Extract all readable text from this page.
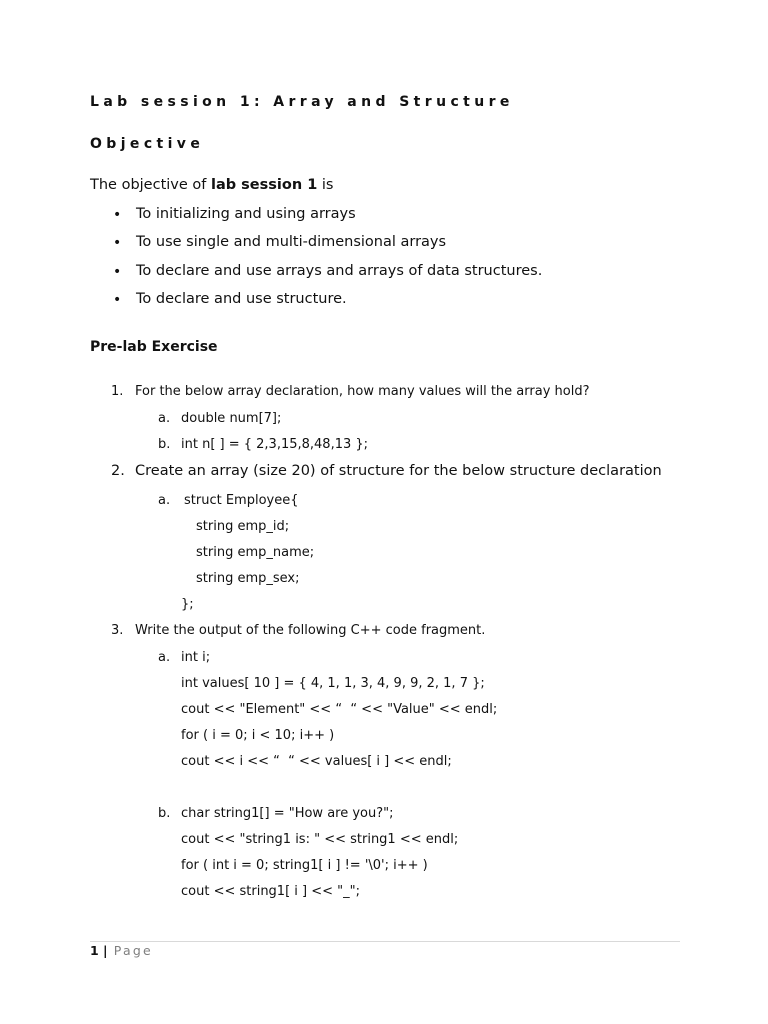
Lab session 1: Array and Structure
Objective
The objective of lab session 1 is
• To initializing and using arrays
• To use single and multi-dimensional arrays
• To declare and use arrays and arrays of data structures.
• To declare and use structure.
Pre-lab Exercise
1. For the below array declaration, how many values will the array hold?
a. double num[7];
b. int n[ ] = { 2,3,15,8,48,13 };
2. Create an array (size 20) of structure for the below structure declaration
a. struct Employee{
string emp_id;
string emp_name;
string emp_sex;
};
3. Write the output of the following C++ code fragment.
a. int i;
int values[ 10 ] = { 4, 1, 1, 3, 4, 9, 9, 2, 1, 7 };
cout << "Element" << “  “ << "Value" << endl;
for ( i = 0; i < 10; i++ )
cout << i << “  “ << values[ i ] << endl;
b. char string1[] = "How are you?";
cout << "string1 is: " << string1 << endl;
for ( int i = 0; string1[ i ] != '\0'; i++ )
cout << string1[ i ] << "_";
1 | Page
